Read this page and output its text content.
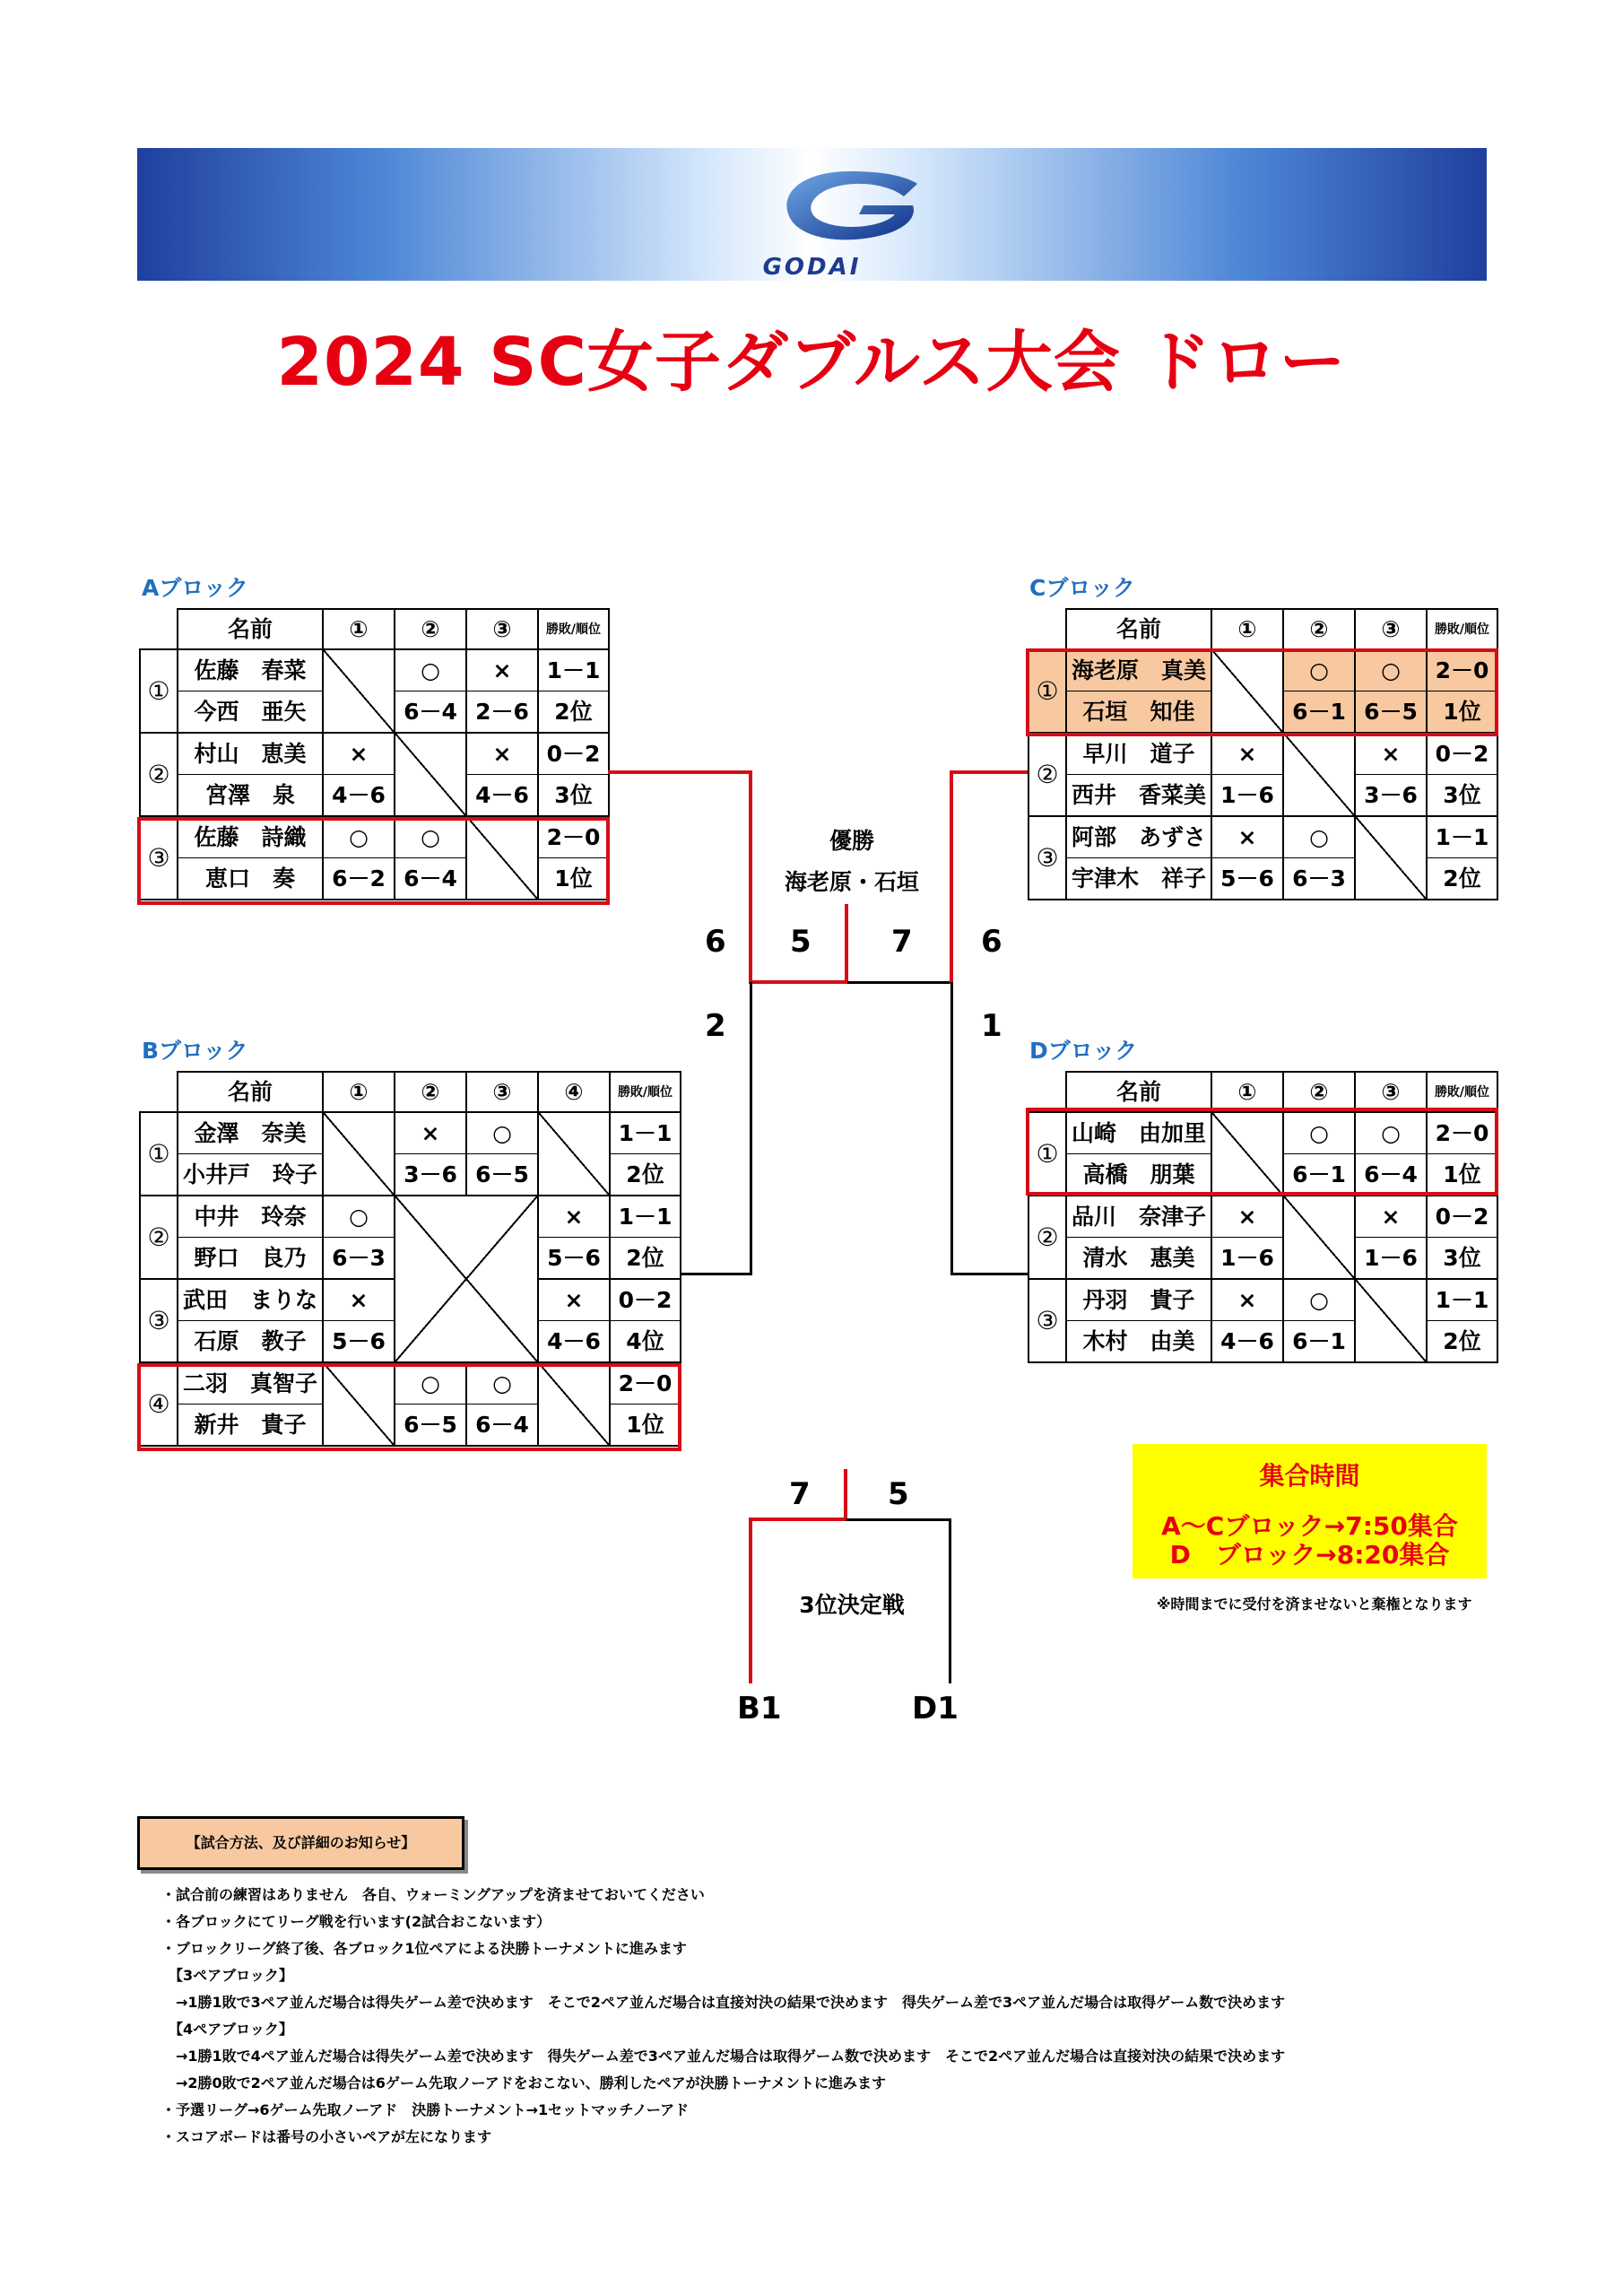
GODAI
2024 SC女子ダブルス大会 ドロー
Aブロック	Cブロック
Bブロック	Dブロック
	名前	①	②	③	勝敗/順位
①	佐藤　春菜		○	×	1－1
	今西　亜矢		6－4	2－6	2位
②	村山　恵美	×		×	0－2
	宮澤　泉	4－6		4－6	3位
③	佐藤　詩織	○	○		2－0
	恵口　奏	6－2	6－4		1位
	名前	①	②	③	勝敗/順位
①	海老原　真美		○	○	2－0
	石垣　知佳		6－1	6－5	1位
②	早川　道子	×		×	0－2
	西井　香菜美	1－6		3－6	3位
③	阿部　あずさ	×	○		1－1
	宇津木　祥子	5－6	6－3		2位
	名前	①	②	③	④	勝敗/順位
①	金澤　奈美		×	○		1－1
	小井戸　玲子		3－6	6－5		2位
②	中井　玲奈	○			×	1－1
	野口　良乃	6－3			5－6	2位
③	武田　まりな	×			×	0－2
	石原　教子	5－6			4－6	4位
④	二羽　真智子		○	○		2－0
	新井　貴子		6－5	6－4		1位
	名前	①	②	③	勝敗/順位
①	山崎　由加里		○	○	2－0
	高橋　朋葉		6－1	6－4	1位
②	品川　奈津子	×		×	0－2
	清水　惠美	1－6		1－6	3位
③	丹羽　貴子	×	○		1－1
	木村　由美	4－6	6－1		2位
優勝
海老原・石垣
6 5	7 6
2	1
7	5
3位決定戦
B1	D1
集合時間
A～Cブロック→7:50集合
D　ブロック→8:20集合
※時間までに受付を済ませないと棄権となります
【試合方法、及び詳細のお知らせ】
・試合前の練習はありません　各自、ウォーミングアップを済ませておいてください
・各ブロックにてリーグ戦を行います(2試合おこないます）
・ブロックリーグ終了後、各ブロック1位ペアによる決勝トーナメントに進みます
　【3ペアブロック】
　→1勝1敗で3ペア並んだ場合は得失ゲーム差で決めます　そこで2ペア並んだ場合は直接対決の結果で決めます　得失ゲーム差で3ペア並んだ場合は取得ゲーム数で決めます
　【4ペアブロック】
　→1勝1敗で4ペア並んだ場合は得失ゲーム差で決めます　得失ゲーム差で3ペア並んだ場合は取得ゲーム数で決めます　そこで2ペア並んだ場合は直接対決の結果で決めます
　→2勝0敗で2ペア並んだ場合は6ゲーム先取ノーアドをおこない、勝利したペアが決勝トーナメントに進みます
・予選リーグ→6ゲーム先取ノーアド　決勝トーナメント→1セットマッチノーアド
・スコアボードは番号の小さいペアが左になります
